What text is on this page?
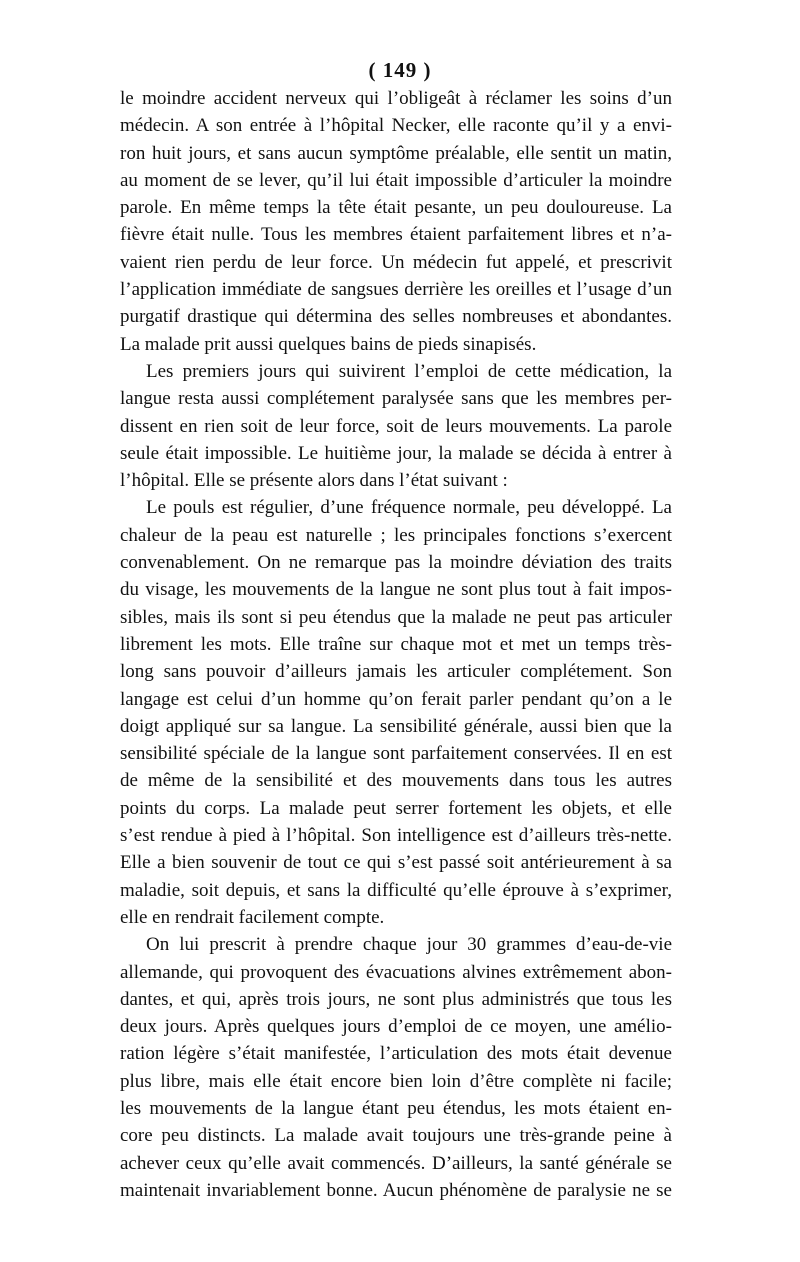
( 149 )
le moindre accident nerveux qui l’obligeât à réclamer les soins d’un
médecin. A son entrée à l’hôpital Necker, elle raconte qu’il y a envi-
ron huit jours, et sans aucun symptôme préalable, elle sentit un matin,
au moment de se lever, qu’il lui était impossible d’articuler la moindre
parole. En même temps la tête était pesante, un peu douloureuse. La
fièvre était nulle. Tous les membres étaient parfaitement libres et n’a-
vaient rien perdu de leur force. Un médecin fut appelé, et prescrivit
l’application immédiate de sangsues derrière les oreilles et l’usage d’un
purgatif drastique qui détermina des selles nombreuses et abondantes.
La malade prit aussi quelques bains de pieds sinapisés.
Les premiers jours qui suivirent l’emploi de cette médication, la
langue resta aussi complétement paralysée sans que les membres per-
dissent en rien soit de leur force, soit de leurs mouvements. La parole
seule était impossible. Le huitième jour, la malade se décida à entrer à
l’hôpital. Elle se présente alors dans l’état suivant :
Le pouls est régulier, d’une fréquence normale, peu développé. La
chaleur de la peau est naturelle ; les principales fonctions s’exercent
convenablement. On ne remarque pas la moindre déviation des traits
du visage, les mouvements de la langue ne sont plus tout à fait impos-
sibles, mais ils sont si peu étendus que la malade ne peut pas articuler
librement les mots. Elle traîne sur chaque mot et met un temps très-
long sans pouvoir d’ailleurs jamais les articuler complétement. Son
langage est celui d’un homme qu’on ferait parler pendant qu’on a le
doigt appliqué sur sa langue. La sensibilité générale, aussi bien que la
sensibilité spéciale de la langue sont parfaitement conservées. Il en est
de même de la sensibilité et des mouvements dans tous les autres
points du corps. La malade peut serrer fortement les objets, et elle
s’est rendue à pied à l’hôpital. Son intelligence est d’ailleurs très-nette.
Elle a bien souvenir de tout ce qui s’est passé soit antérieurement à sa
maladie, soit depuis, et sans la difficulté qu’elle éprouve à s’exprimer,
elle en rendrait facilement compte.
On lui prescrit à prendre chaque jour 30 grammes d’eau-de-vie
allemande, qui provoquent des évacuations alvines extrêmement abon-
dantes, et qui, après trois jours, ne sont plus administrés que tous les
deux jours. Après quelques jours d’emploi de ce moyen, une amélio-
ration légère s’était manifestée, l’articulation des mots était devenue
plus libre, mais elle était encore bien loin d’être complète ni facile;
les mouvements de la langue étant peu étendus, les mots étaient en-
core peu distincts. La malade avait toujours une très-grande peine à
achever ceux qu’elle avait commencés. D’ailleurs, la santé générale se
maintenait invariablement bonne. Aucun phénomène de paralysie ne se
